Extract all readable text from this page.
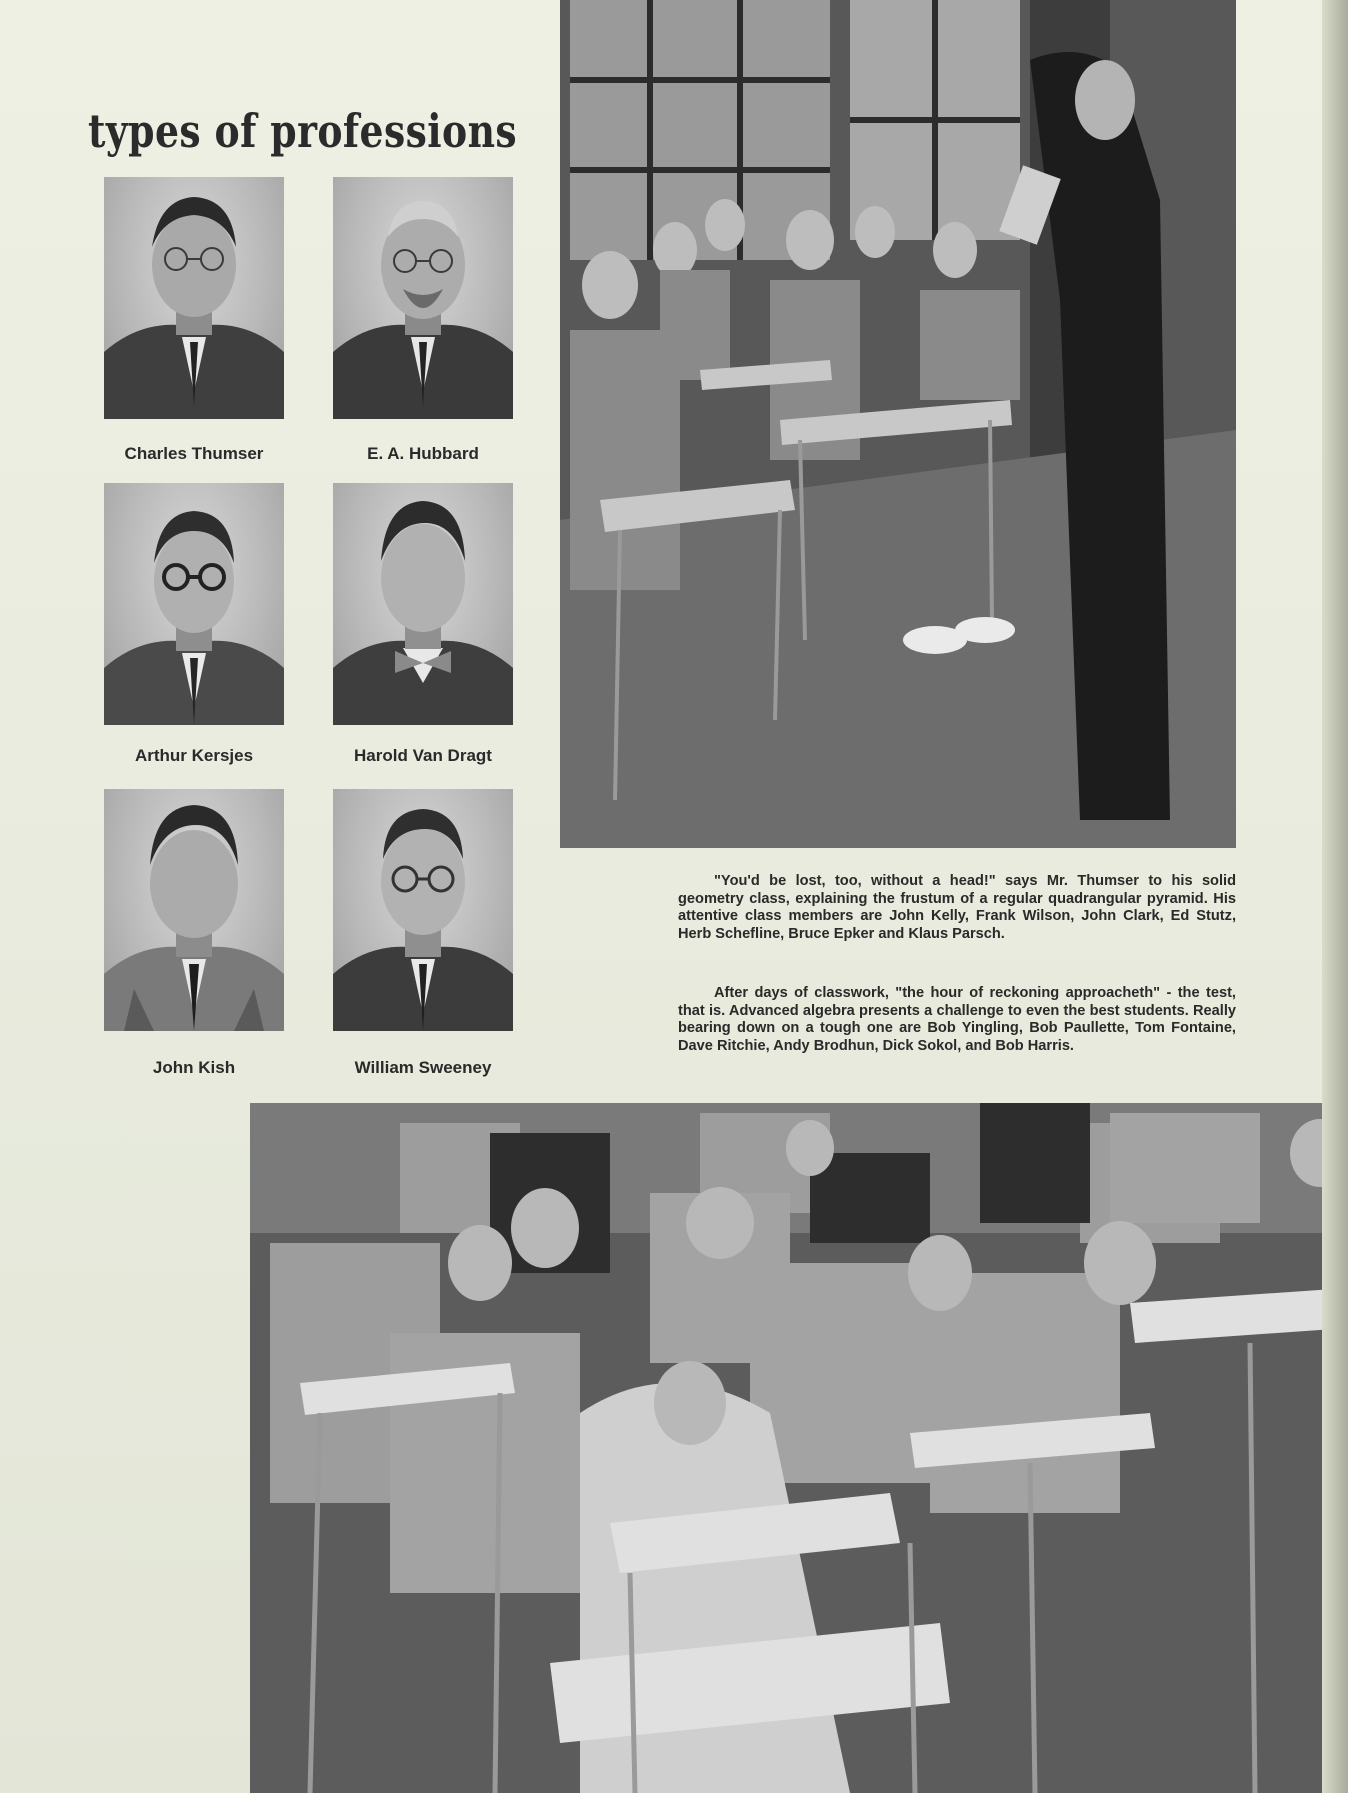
types of professions
Charles Thumser	E. A. Hubbard
Arthur Kersjes	Harold Van Dragt
John Kish	William Sweeney

"You'd be lost, too, without a head!" says Mr. Thumser to his solid geometry class, explaining the frustum of a regular quadrangular pyramid. His attentive class members are John Kelly, Frank Wilson, John Clark, Ed Stutz, Herb Schefline, Bruce Epker and Klaus Parsch.

After days of classwork, "the hour of reckoning approacheth" - the test, that is. Advanced algebra presents a challenge to even the best students. Really bearing down on a tough one are Bob Yingling, Bob Paullette, Tom Fontaine, Dave Ritchie, Andy Brodhun, Dick Sokol, and Bob Harris.
